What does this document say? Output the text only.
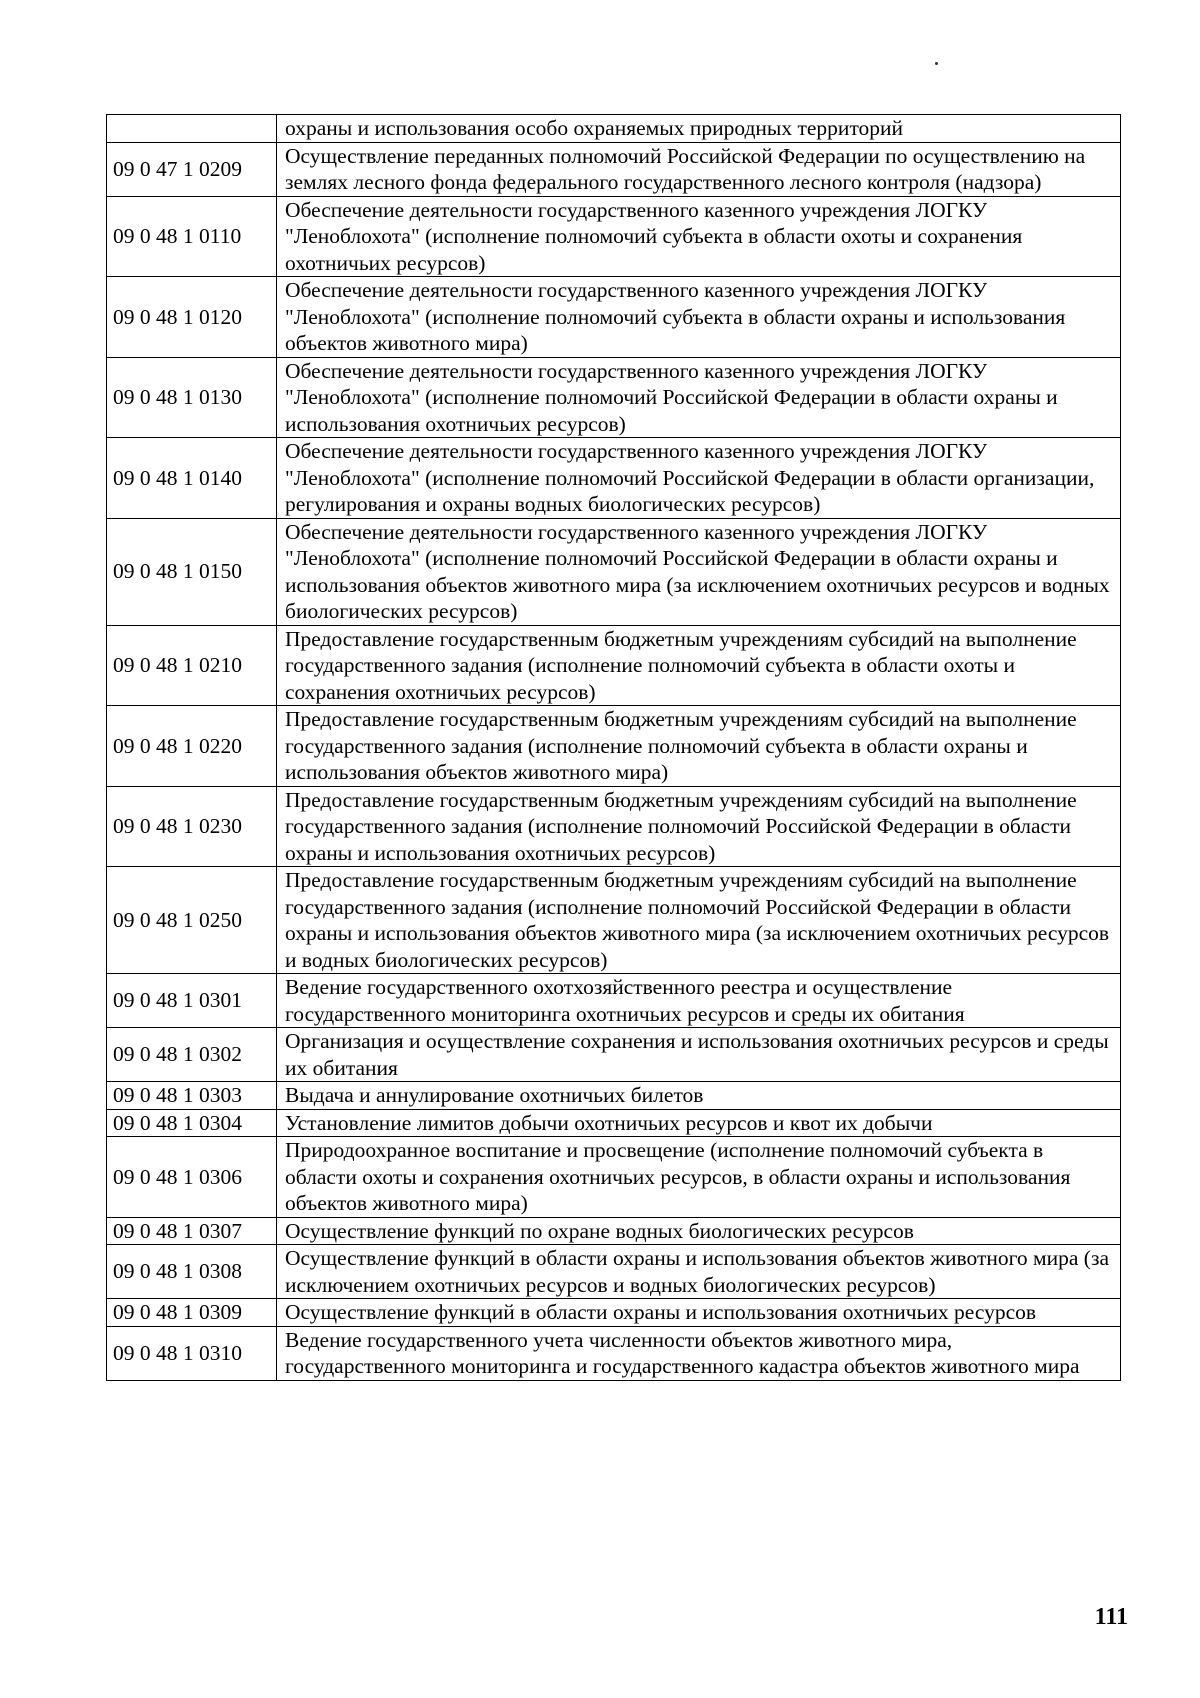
	охраны и использования особо охраняемых природных территорий
09 0 47 1 0209	Осуществление переданных полномочий Российской Федерации по осуществлению на землях лесного фонда федерального государственного лесного контроля (надзора)
09 0 48 1 0110	Обеспечение деятельности государственного казенного учреждения ЛОГКУ "Леноблохота" (исполнение полномочий субъекта в области охоты и сохранения охотничьих ресурсов)
09 0 48 1 0120	Обеспечение деятельности государственного казенного учреждения ЛОГКУ "Леноблохота" (исполнение полномочий субъекта в области охраны и использования объектов животного мира)
09 0 48 1 0130	Обеспечение деятельности государственного казенного учреждения ЛОГКУ "Леноблохота" (исполнение полномочий Российской Федерации в области охраны и использования охотничьих ресурсов)
09 0 48 1 0140	Обеспечение деятельности государственного казенного учреждения ЛОГКУ "Леноблохота" (исполнение полномочий Российской Федерации в области организации, регулирования и охраны водных биологических ресурсов)
09 0 48 1 0150	Обеспечение деятельности государственного казенного учреждения ЛОГКУ "Леноблохота" (исполнение полномочий Российской Федерации в области охраны и использования объектов животного мира (за исключением охотничьих ресурсов и водных биологических ресурсов)
09 0 48 1 0210	Предоставление государственным бюджетным учреждениям субсидий на выполнение государственного задания (исполнение полномочий субъекта в области охоты и сохранения охотничьих ресурсов)
09 0 48 1 0220	Предоставление государственным бюджетным учреждениям субсидий на выполнение государственного задания (исполнение полномочий субъекта в области охраны и использования объектов животного мира)
09 0 48 1 0230	Предоставление государственным бюджетным учреждениям субсидий на выполнение государственного задания (исполнение полномочий Российской Федерации в области охраны и использования охотничьих ресурсов)
09 0 48 1 0250	Предоставление государственным бюджетным учреждениям субсидий на выполнение государственного задания (исполнение полномочий Российской Федерации в области охраны и использования объектов животного мира (за исключением охотничьих ресурсов и водных биологических ресурсов)
09 0 48 1 0301	Ведение государственного охотхозяйственного реестра и осуществление государственного мониторинга охотничьих ресурсов и среды их обитания
09 0 48 1 0302	Организация и осуществление сохранения и использования охотничьих ресурсов и среды их обитания
09 0 48 1 0303	Выдача и аннулирование охотничьих билетов
09 0 48 1 0304	Установление лимитов добычи охотничьих ресурсов и квот их добычи
09 0 48 1 0306	Природоохранное воспитание и просвещение (исполнение полномочий субъекта в области охоты и сохранения охотничьих ресурсов, в области охраны и использования объектов животного мира)
09 0 48 1 0307	Осуществление функций по охране водных биологических ресурсов
09 0 48 1 0308	Осуществление функций в области охраны и использования объектов животного мира (за исключением охотничьих ресурсов и водных биологических ресурсов)
09 0 48 1 0309	Осуществление функций в области охраны и использования охотничьих ресурсов
09 0 48 1 0310	Ведение государственного учета численности объектов животного мира, государственного мониторинга и государственного кадастра объектов животного мира
111
